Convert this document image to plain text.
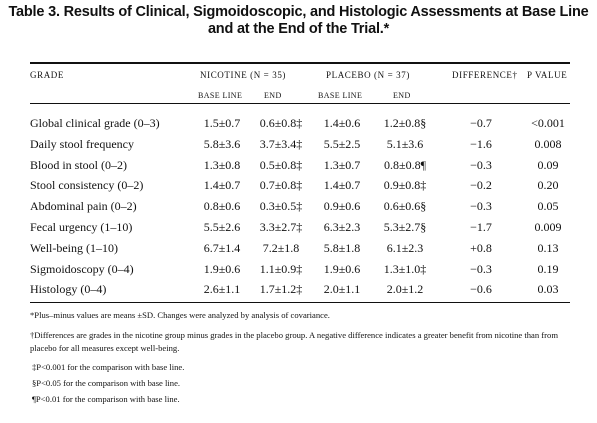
Table 3. Results of Clinical, Sigmoidoscopic, and Histologic Assessments at Base Line
and at the End of the Trial.*
GRADE	NICOTINE (N = 35)	PLACEBO (N = 37)	DIFFERENCE† P VALUE
BASE LINE	END	BASE LINE	END
Global clinical grade (0–3)	1.5±0.7	0.6±0.8‡	1.4±0.6	1.2±0.8§	−0.7	<0.001
Daily stool frequency	5.8±3.6	3.7±3.4‡	5.5±2.5	5.1±3.6	−1.6	0.008
Blood in stool (0–2)	1.3±0.8	0.5±0.8‡	1.3±0.7	0.8±0.8¶	−0.3	0.09
Stool consistency (0–2)	1.4±0.7	0.7±0.8‡	1.4±0.7	0.9±0.8‡	−0.2	0.20
Abdominal pain (0–2)	0.8±0.6	0.3±0.5‡	0.9±0.6	0.6±0.6§	−0.3	0.05
Fecal urgency (1–10)	5.5±2.6	3.3±2.7‡	6.3±2.3	5.3±2.7§	−1.7	0.009
Well-being (1–10)	6.7±1.4	7.2±1.8	5.8±1.8	6.1±2.3	+0.8	0.13
Sigmoidoscopy (0–4)	1.9±0.6	1.1±0.9‡	1.9±0.6	1.3±1.0‡	−0.3	0.19
Histology (0–4)	2.6±1.1	1.7±1.2‡	2.0±1.1	2.0±1.2	−0.6	0.03
*Plus–minus values are means ±SD. Changes were analyzed by analysis of covariance.
†Differences are grades in the nicotine group minus grades in the placebo group. A negative difference indicates a greater benefit from nicotine than from placebo for all measures except well-being.
‡P<0.001 for the comparison with base line.
§P<0.05 for the comparison with base line.
¶P<0.01 for the comparison with base line.
